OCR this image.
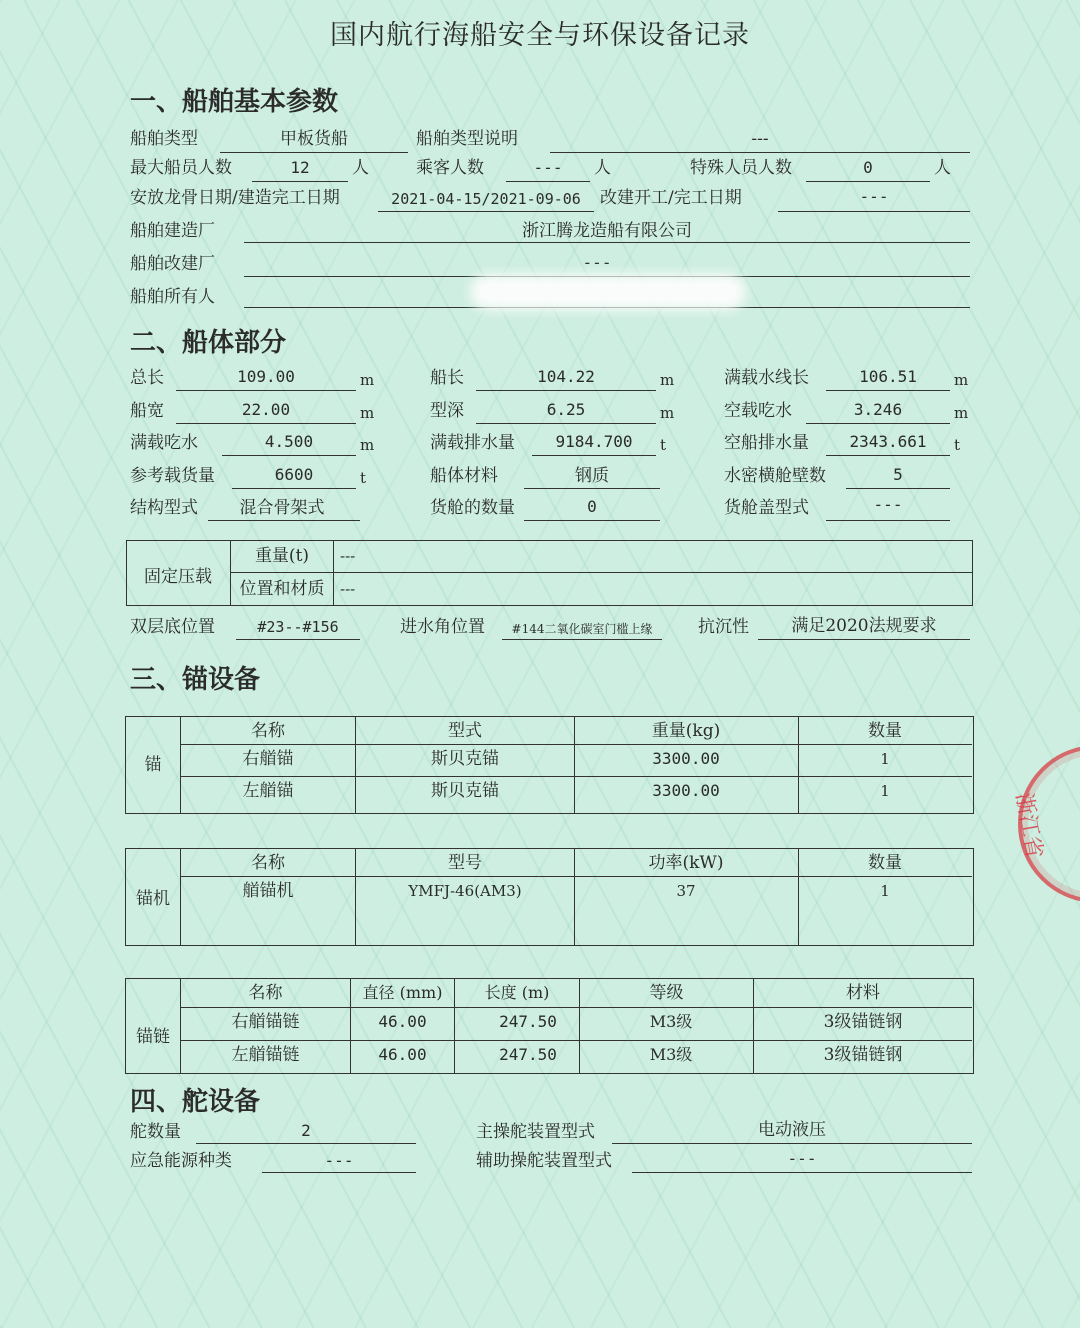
国内航行海船安全与环保设备记录
一、船舶基本参数
船舶类型	甲板货船	船舶类型说明	---
最大船员人数	12	人	乘客人数	---	人	特殊人员人数	0	人
安放龙骨日期/建造完工日期	2021-04-15/2021-09-06	改建开工/完工日期	---
船舶建造厂	浙江腾龙造船有限公司
船舶改建厂	---
船舶所有人
二、船体部分
总长	109.00	m	船长	104.22	m	满载水线长	106.51	m
船宽	22.00	m	型深	6.25	m	空载吃水	3.246	m
满载吃水	4.500	m	满载排水量	9184.700	t	空船排水量	2343.661	t
参考载货量	6600	t	船体材料	钢质	水密横舱壁数	5
结构型式	混合骨架式	货舱的数量	0	货舱盖型式	---
固定压载
重量(t)	---
位置和材质	---
双层底位置	#23--#156	进水角位置	#144二氧化碳室门槛上缘	抗沉性	满足2020法规要求
三、锚设备
锚
名称	型式	重量(kg)	数量
右艏锚	斯贝克锚	3300.00	1
左艏锚	斯贝克锚	3300.00	1
锚机
名称	型号	功率(kW)	数量
艏锚机	YMFJ-46(AM3)	37	1
锚链
名称	直径 (mm)	长度 (m)	等级	材料
右艏锚链	46.00	247.50	M3级	3级锚链钢
左艏锚链	46.00	247.50	M3级	3级锚链钢
四、舵设备
舵数量	2	主操舵装置型式	电动液压
应急能源种类	---	辅助操舵装置型式	---
浙江省
